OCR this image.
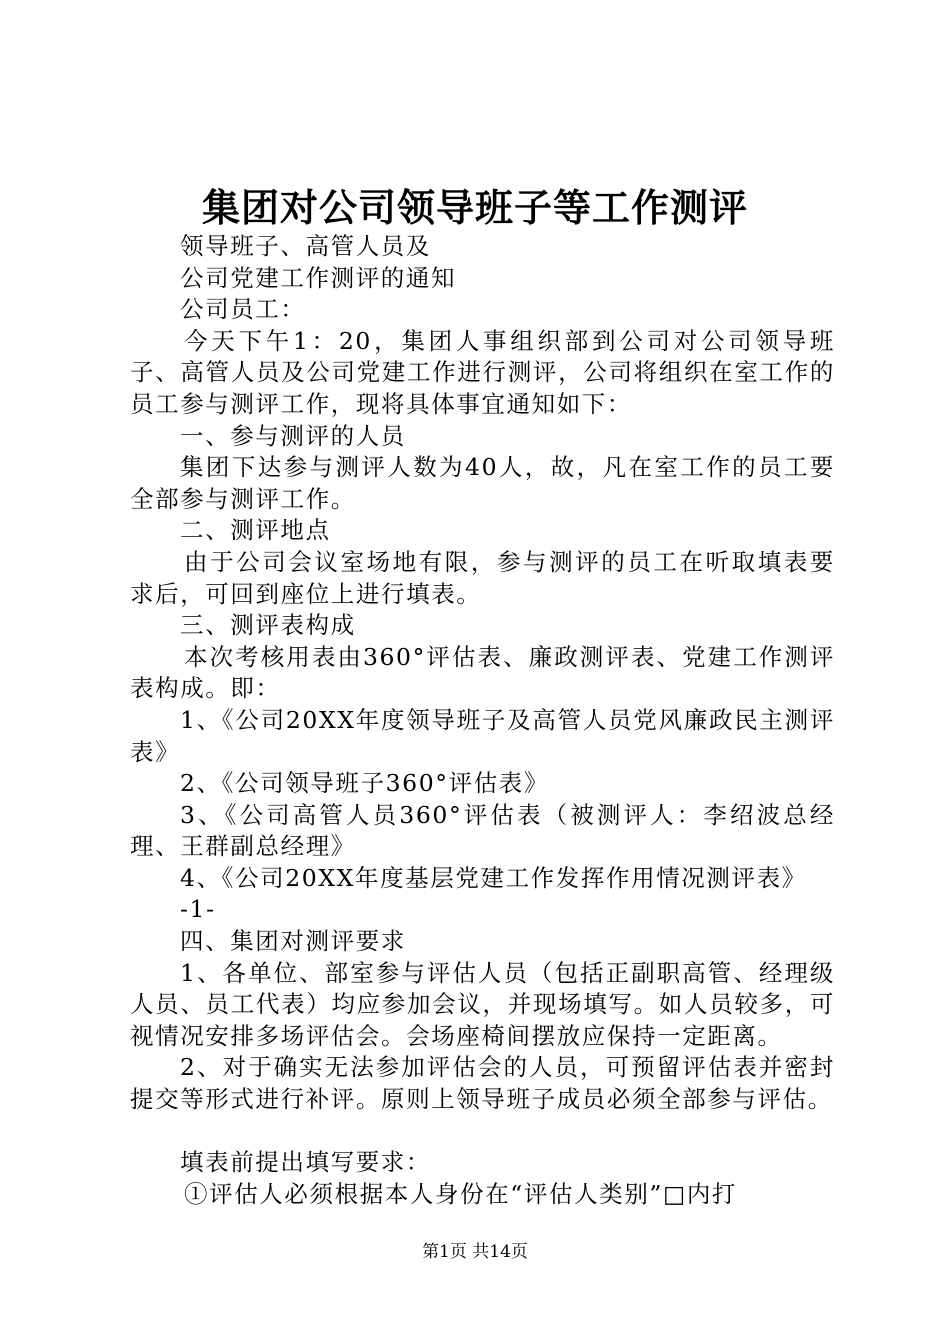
集团对公司领导班子等工作测评

领导班子、高管人员及

公司党建工作测评的通知

公司员工：

今天下午1：20，集团人事组织部到公司对公司领导班子、高管人员及公司党建工作进行测评，公司将组织在室工作的员工参与测评工作，现将具体事宜通知如下：

一、参与测评的人员

集团下达参与测评人数为40人，故，凡在室工作的员工要全部参与测评工作。

二、测评地点

由于公司会议室场地有限，参与测评的员工在听取填表要求后，可回到座位上进行填表。

三、测评表构成

本次考核用表由360°评估表、廉政测评表、党建工作测评表构成。即：

1、《公司20XX年度领导班子及高管人员党风廉政民主测评表》

2、《公司领导班子360°评估表》

3、《公司高管人员360°评估表（被测评人：李绍波总经理、王群副总经理》

4、《公司20XX年度基层党建工作发挥作用情况测评表》

-1-

四、集团对测评要求

1、各单位、部室参与评估人员（包括正副职高管、经理级人员、员工代表）均应参加会议，并现场填写。如人员较多，可视情况安排多场评估会。会场座椅间摆放应保持一定距离。

2、对于确实无法参加评估会的人员，可预留评估表并密封提交等形式进行补评。原则上领导班子成员必须全部参与评估。

填表前提出填写要求：

①评估人必须根据本人身份在“评估人类别”□内打

第1页 共14页
